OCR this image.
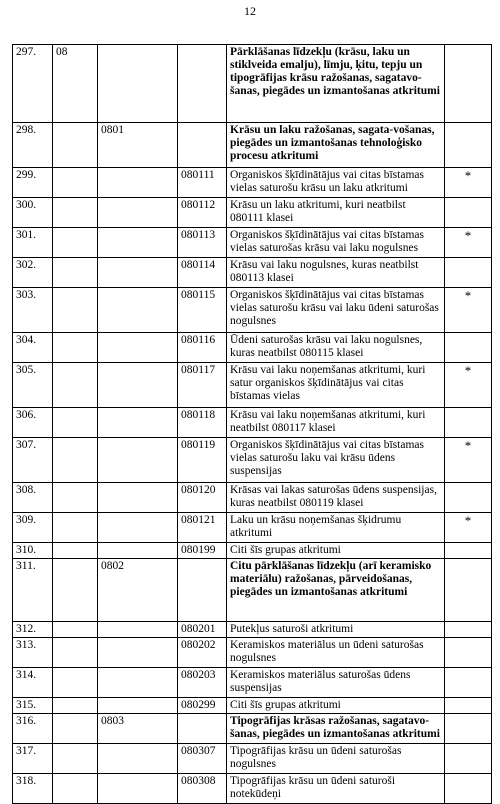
12
297.	08			Pārklāšanas līdzekļu (krāsu, laku un stiklveida emalju), līmju, ķitu, tepju un tipogrāfijas krāsu ražošanas, sagatavo-šanas, piegādes un izmantošanas atkritumi	
298.		0801		Krāsu un laku ražošanas, sagata-vošanas, piegādes un izmantošanas tehnoloģisko procesu atkritumi	
299.			080111	Organiskos šķīdinātājus vai citas bīstamas vielas saturošu krāsu un laku atkritumi	*
300.			080112	Krāsu un laku atkritumi, kuri neatbilst 080111 klasei	
301.			080113	Organiskos šķīdinātājus vai citas bīstamas vielas saturošas krāsu vai laku nogulsnes	*
302.			080114	Krāsu vai laku nogulsnes, kuras neatbilst 080113 klasei	
303.			080115	Organiskos šķīdinātājus vai citas bīstamas vielas saturošu krāsu vai laku ūdeni saturošas nogulsnes	*
304.			080116	Ūdeni saturošas krāsu vai laku nogulsnes, kuras neatbilst 080115 klasei	
305.			080117	Krāsu vai laku noņemšanas atkritumi, kuri satur organiskos šķīdinātājus vai citas bīstamas vielas	*
306.			080118	Krāsu vai laku noņemšanas atkritumi, kuri neatbilst 080117 klasei	
307.			080119	Organiskos šķīdinātājus vai citas bīstamas vielas saturošu laku vai krāsu ūdens suspensijas	*
308.			080120	Krāsas vai lakas saturošas ūdens suspensijas, kuras neatbilst 080119 klasei	
309.			080121	Laku un krāsu noņemšanas šķidrumu atkritumi	*
310.			080199	Citi šīs grupas atkritumi	
311.		0802		Citu pārklāšanas līdzekļu (arī keramisko materiālu) ražošanas, pārveidošanas, piegādes un izmantošanas atkritumi	
312.			080201	Putekļus saturoši atkritumi	
313.			080202	Keramiskos materiālus un ūdeni saturošas nogulsnes	
314.			080203	Keramiskos materiālus saturošas ūdens suspensijas	
315.			080299	Citi šīs grupas atkritumi	
316.		0803		Tipogrāfijas krāsas ražošanas, sagatavo-šanas, piegādes un izmantošanas atkritumi	
317.			080307	Tipogrāfijas krāsu un ūdeni saturošas nogulsnes	
318.			080308	Tipogrāfijas krāsu un ūdeni saturoši notekūdeņi	
